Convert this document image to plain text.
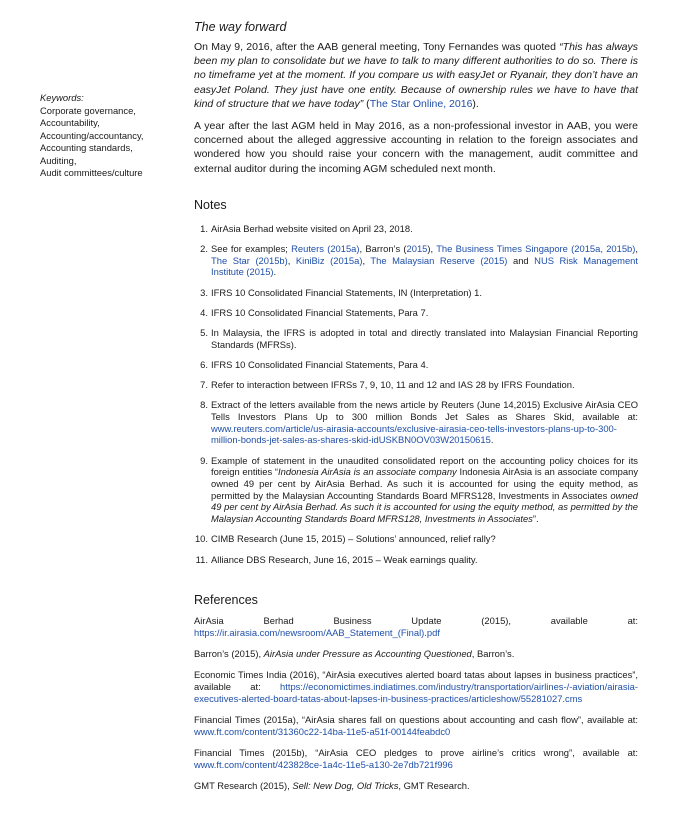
Keywords:
Corporate governance,
Accountability,
Accounting/accountancy,
Accounting standards,
Auditing,
Audit committees/culture
The way forward

On May 9, 2016, after the AAB general meeting, Tony Fernandes was quoted “This has always been my plan to consolidate but we have to talk to many different authorities to do so. There is no timeframe yet at the moment. If you compare us with easyJet or Ryanair, they don’t have an easyJet Poland. They just have one entity. Because of ownership rules we have to have that kind of structure that we have today” (The Star Online, 2016).

A year after the last AGM held in May 2016, as a non-professional investor in AAB, you were concerned about the alleged aggressive accounting in relation to the foreign associates and wondered how you should raise your concern with the management, audit committee and external auditor during the incoming AGM scheduled next month.

Notes
1. AirAsia Berhad website visited on April 23, 2018.
2. See for examples; Reuters (2015a), Barron’s (2015), The Business Times Singapore (2015a, 2015b), The Star (2015b), KiniBiz (2015a), The Malaysian Reserve (2015) and NUS Risk Management Institute (2015).
3. IFRS 10 Consolidated Financial Statements, IN (Interpretation) 1.
4. IFRS 10 Consolidated Financial Statements, Para 7.
5. In Malaysia, the IFRS is adopted in total and directly translated into Malaysian Financial Reporting Standards (MFRSs).
6. IFRS 10 Consolidated Financial Statements, Para 4.
7. Refer to interaction between IFRSs 7, 9, 10, 11 and 12 and IAS 28 by IFRS Foundation.
8. Extract of the letters available from the news article by Reuters (June 14,2015) Exclusive AirAsia CEO Tells Investors Plans Up to 300 million Bonds Jet Sales as Shares Skid, available at: www.reuters.com/article/us-airasia-accounts/exclusive-airasia-ceo-tells-investors-plans-up-to-300-million-bonds-jet-sales-as-shares-skid-idUSKBN0OV03W20150615.
9. Example of statement in the unaudited consolidated report on the accounting policy choices for its foreign entities “Indonesia AirAsia is an associate company Indonesia AirAsia is an associate company owned 49 per cent by AirAsia Berhad. As such it is accounted for using the equity method, as permitted by the Malaysian Accounting Standards Board MFRS128, Investments in Associates owned 49 per cent by AirAsia Berhad. As such it is accounted for using the equity method, as permitted by the Malaysian Accounting Standards Board MFRS128, Investments in Associates”.
10. CIMB Research (June 15, 2015) – Solutions’ announced, relief rally?
11. Alliance DBS Research, June 16, 2015 – Weak earnings quality.
References
AirAsia Berhad Business Update (2015), available at: https://ir.airasia.com/newsroom/AAB_Statement_(Final).pdf
Barron’s (2015), AirAsia under Pressure as Accounting Questioned, Barron’s.
Economic Times India (2016), “AirAsia executives alerted board tatas about lapses in business practices”, available at: https://economictimes.indiatimes.com/industry/transportation/airlines-/-aviation/airasia-executives-alerted-board-tatas-about-lapses-in-business-practices/articleshow/55281027.cms
Financial Times (2015a), “AirAsia shares fall on questions about accounting and cash flow”, available at: www.ft.com/content/31360c22-14ba-11e5-a51f-00144feabdc0
Financial Times (2015b), “AirAsia CEO pledges to prove airline’s critics wrong”, available at: www.ft.com/content/423828ce-1a4c-11e5-a130-2e7db721f996
GMT Research (2015), Sell: New Dog, Old Tricks, GMT Research.
